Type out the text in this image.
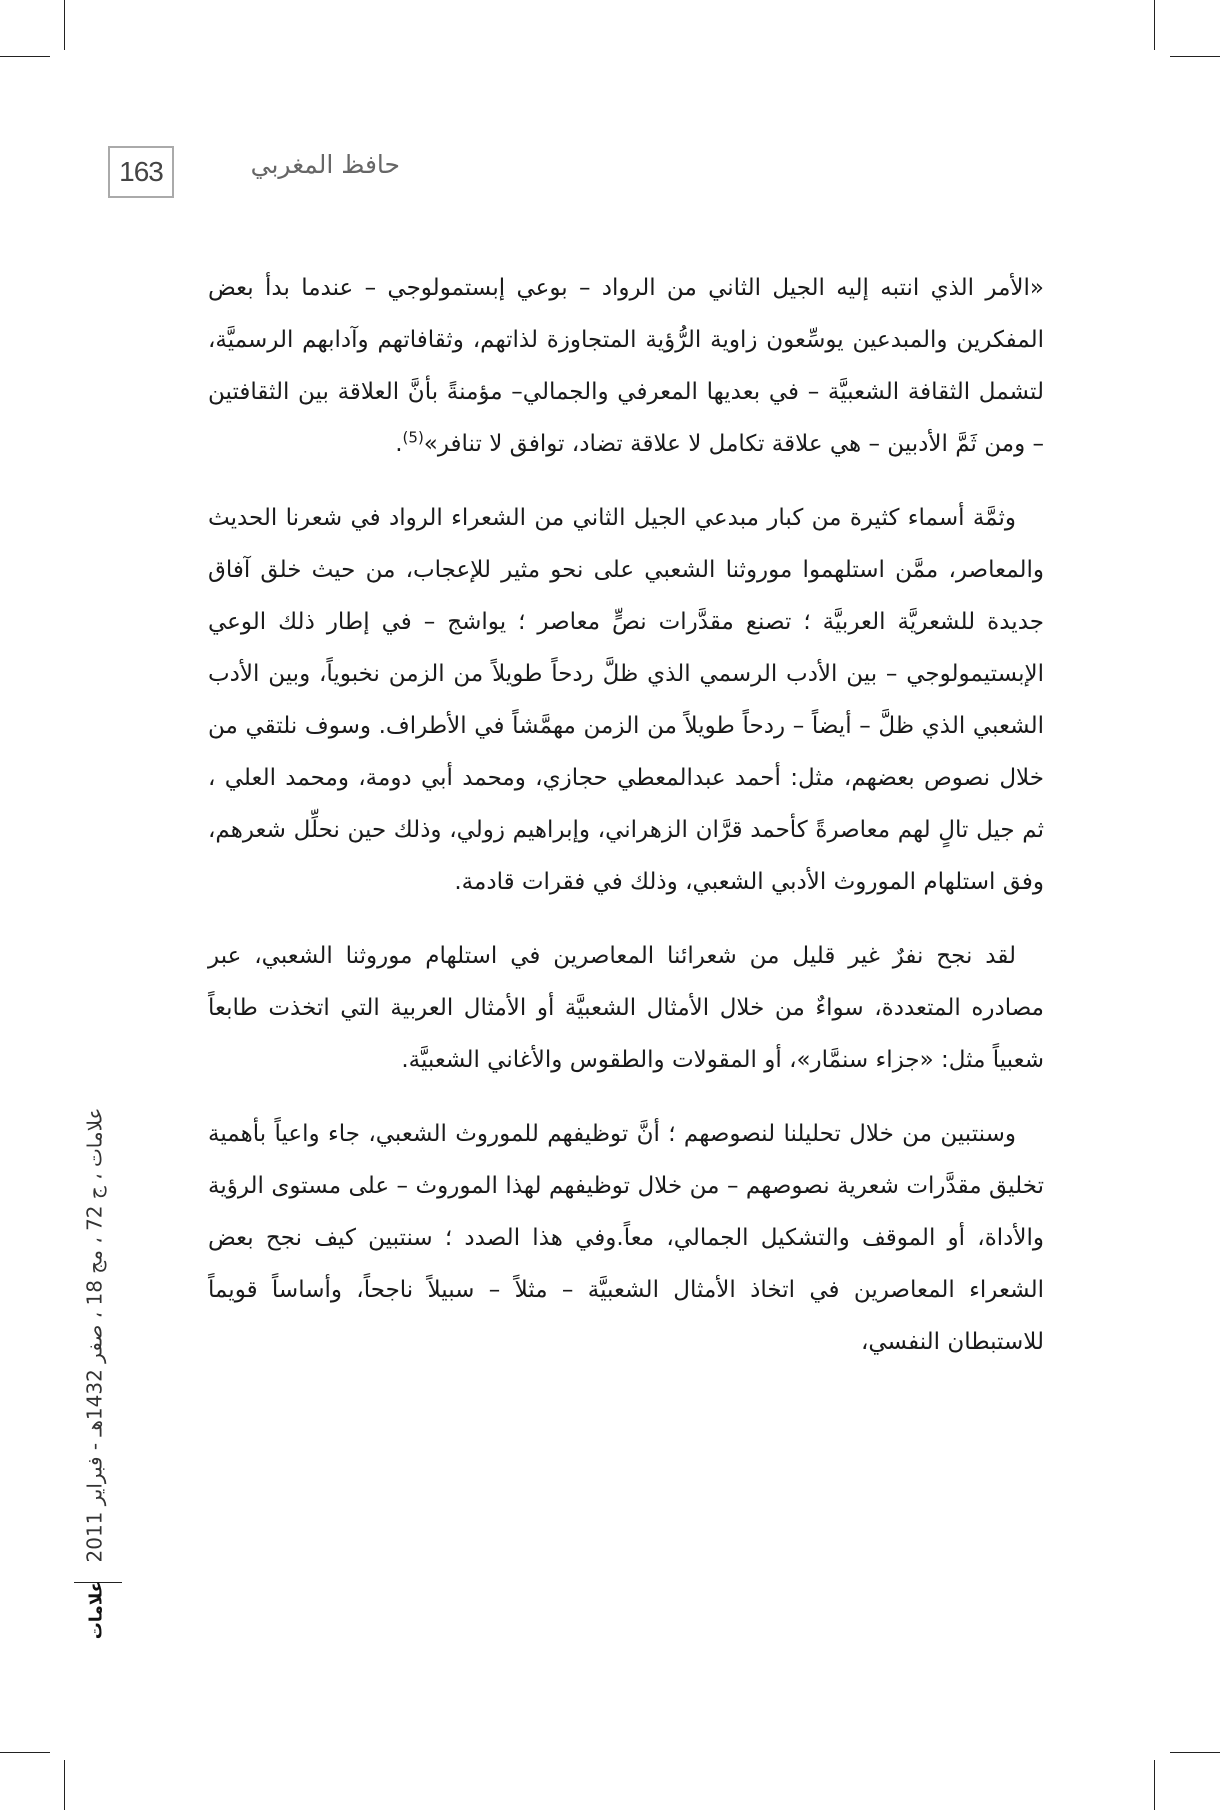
163	حافظ المغربي

«الأمر الذي انتبه إليه الجيل الثاني من الرواد – بوعي إبستمولوجي – عندما بدأ بعض المفكرين والمبدعين يوسِّعون زاوية الرُّؤية المتجاوزة لذاتهم، وثقافاتهم وآدابهم الرسميَّة، لتشمل الثقافة الشعبيَّة – في بعديها المعرفي والجمالي– مؤمنةً بأنَّ العلاقة بين الثقافتين – ومن ثَمَّ الأدبين – هي علاقة تكامل لا علاقة تضاد، توافق لا تنافر»$^{(5)}$.

وثمَّة أسماء كثيرة من كبار مبدعي الجيل الثاني من الشعراء الرواد في شعرنا الحديث والمعاصر، ممَّن استلهموا موروثنا الشعبي على نحو مثير للإعجاب، من حيث خلق آفاق جديدة للشعريَّة العربيَّة ؛ تصنع مقدَّرات نصٍّ معاصر ؛ يواشج – في إطار ذلك الوعي الإبستيمولوجي – بين الأدب الرسمي الذي ظلَّ ردحاً طويلاً من الزمن نخبوياً، وبين الأدب الشعبي الذي ظلَّ – أيضاً – ردحاً طويلاً من الزمن مهمَّشاً في الأطراف. وسوف نلتقي من خلال نصوص بعضهم، مثل: أحمد عبدالمعطي حجازي، ومحمد أبي دومة، ومحمد العلي ، ثم جيل تالٍ لهم معاصرةً كأحمد قرَّان الزهراني، وإبراهيم زولي، وذلك حين نحلِّل شعرهم، وفق استلهام الموروث الأدبي الشعبي، وذلك في فقرات قادمة.

لقد نجح نفرٌ غير قليل من شعرائنا المعاصرين في استلهام موروثنا الشعبي، عبر مصادره المتعددة، سواءٌ من خلال الأمثال الشعبيَّة أو الأمثال العربية التي اتخذت طابعاً شعبياً مثل: «جزاء سنمَّار»، أو المقولات والطقوس والأغاني الشعبيَّة.

وسنتبين من خلال تحليلنا لنصوصهم ؛ أنَّ توظيفهم للموروث الشعبي، جاء واعياً بأهمية تخليق مقدَّرات شعرية نصوصهم – من خلال توظيفهم لهذا الموروث – على مستوى الرؤية والأداة، أو الموقف والتشكيل الجمالي، معاً.وفي هذا الصدد ؛ سنتبين كيف نجح بعض الشعراء المعاصرين في اتخاذ الأمثال الشعبيَّة – مثلاً – سبيلاً ناجحاً، وأساساً قويماً للاستبطان النفسي،

علامات ، ج 72 ، مج 18 ، صفر 1432هـ - فبراير 2011
علامات
